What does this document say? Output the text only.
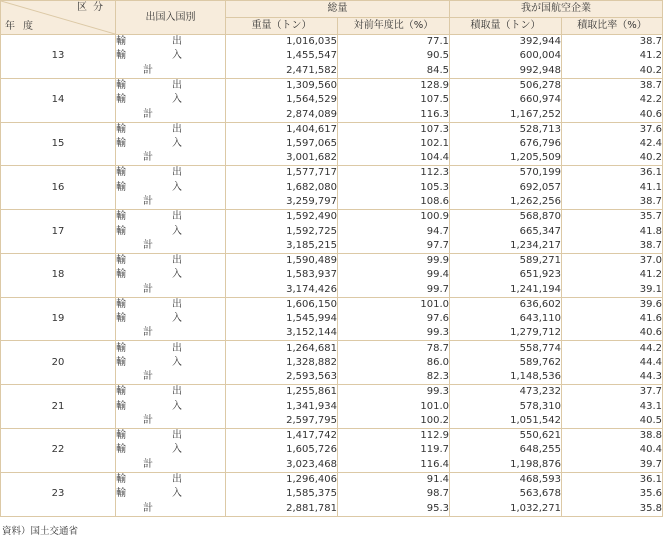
区分
年度	出国入国別	総量		我が国航空企業	
		重量（トン）	対前年度比（%）	積取量（トン）	積取比率（%）
13	輸 出	1,016,035	77.1	392,944	38.7
	輸 入	1,455,547	90.5	600,004	41.2
	計	2,471,582	84.5	992,948	40.2
14	輸 出	1,309,560	128.9	506,278	38.7
	輸 入	1,564,529	107.5	660,974	42.2
	計	2,874,089	116.3	1,167,252	40.6
15	輸 出	1,404,617	107.3	528,713	37.6
	輸 入	1,597,065	102.1	676,796	42.4
	計	3,001,682	104.4	1,205,509	40.2
16	輸 出	1,577,717	112.3	570,199	36.1
	輸 入	1,682,080	105.3	692,057	41.1
	計	3,259,797	108.6	1,262,256	38.7
17	輸 出	1,592,490	100.9	568,870	35.7
	輸 入	1,592,725	94.7	665,347	41.8
	計	3,185,215	97.7	1,234,217	38.7
18	輸 出	1,590,489	99.9	589,271	37.0
	輸 入	1,583,937	99.4	651,923	41.2
	計	3,174,426	99.7	1,241,194	39.1
19	輸 出	1,606,150	101.0	636,602	39.6
	輸 入	1,545,994	97.6	643,110	41.6
	計	3,152,144	99.3	1,279,712	40.6
20	輸 出	1,264,681	78.7	558,774	44.2
	輸 入	1,328,882	86.0	589,762	44.4
	計	2,593,563	82.3	1,148,536	44.3
21	輸 出	1,255,861	99.3	473,232	37.7
	輸 入	1,341,934	101.0	578,310	43.1
	計	2,597,795	100.2	1,051,542	40.5
22	輸 出	1,417,742	112.9	550,621	38.8
	輸 入	1,605,726	119.7	648,255	40.4
	計	3,023,468	116.4	1,198,876	39.7
23	輸 出	1,296,406	91.4	468,593	36.1
	輸 入	1,585,375	98.7	563,678	35.6
	計	2,881,781	95.3	1,032,271	35.8
資料）国土交通省
